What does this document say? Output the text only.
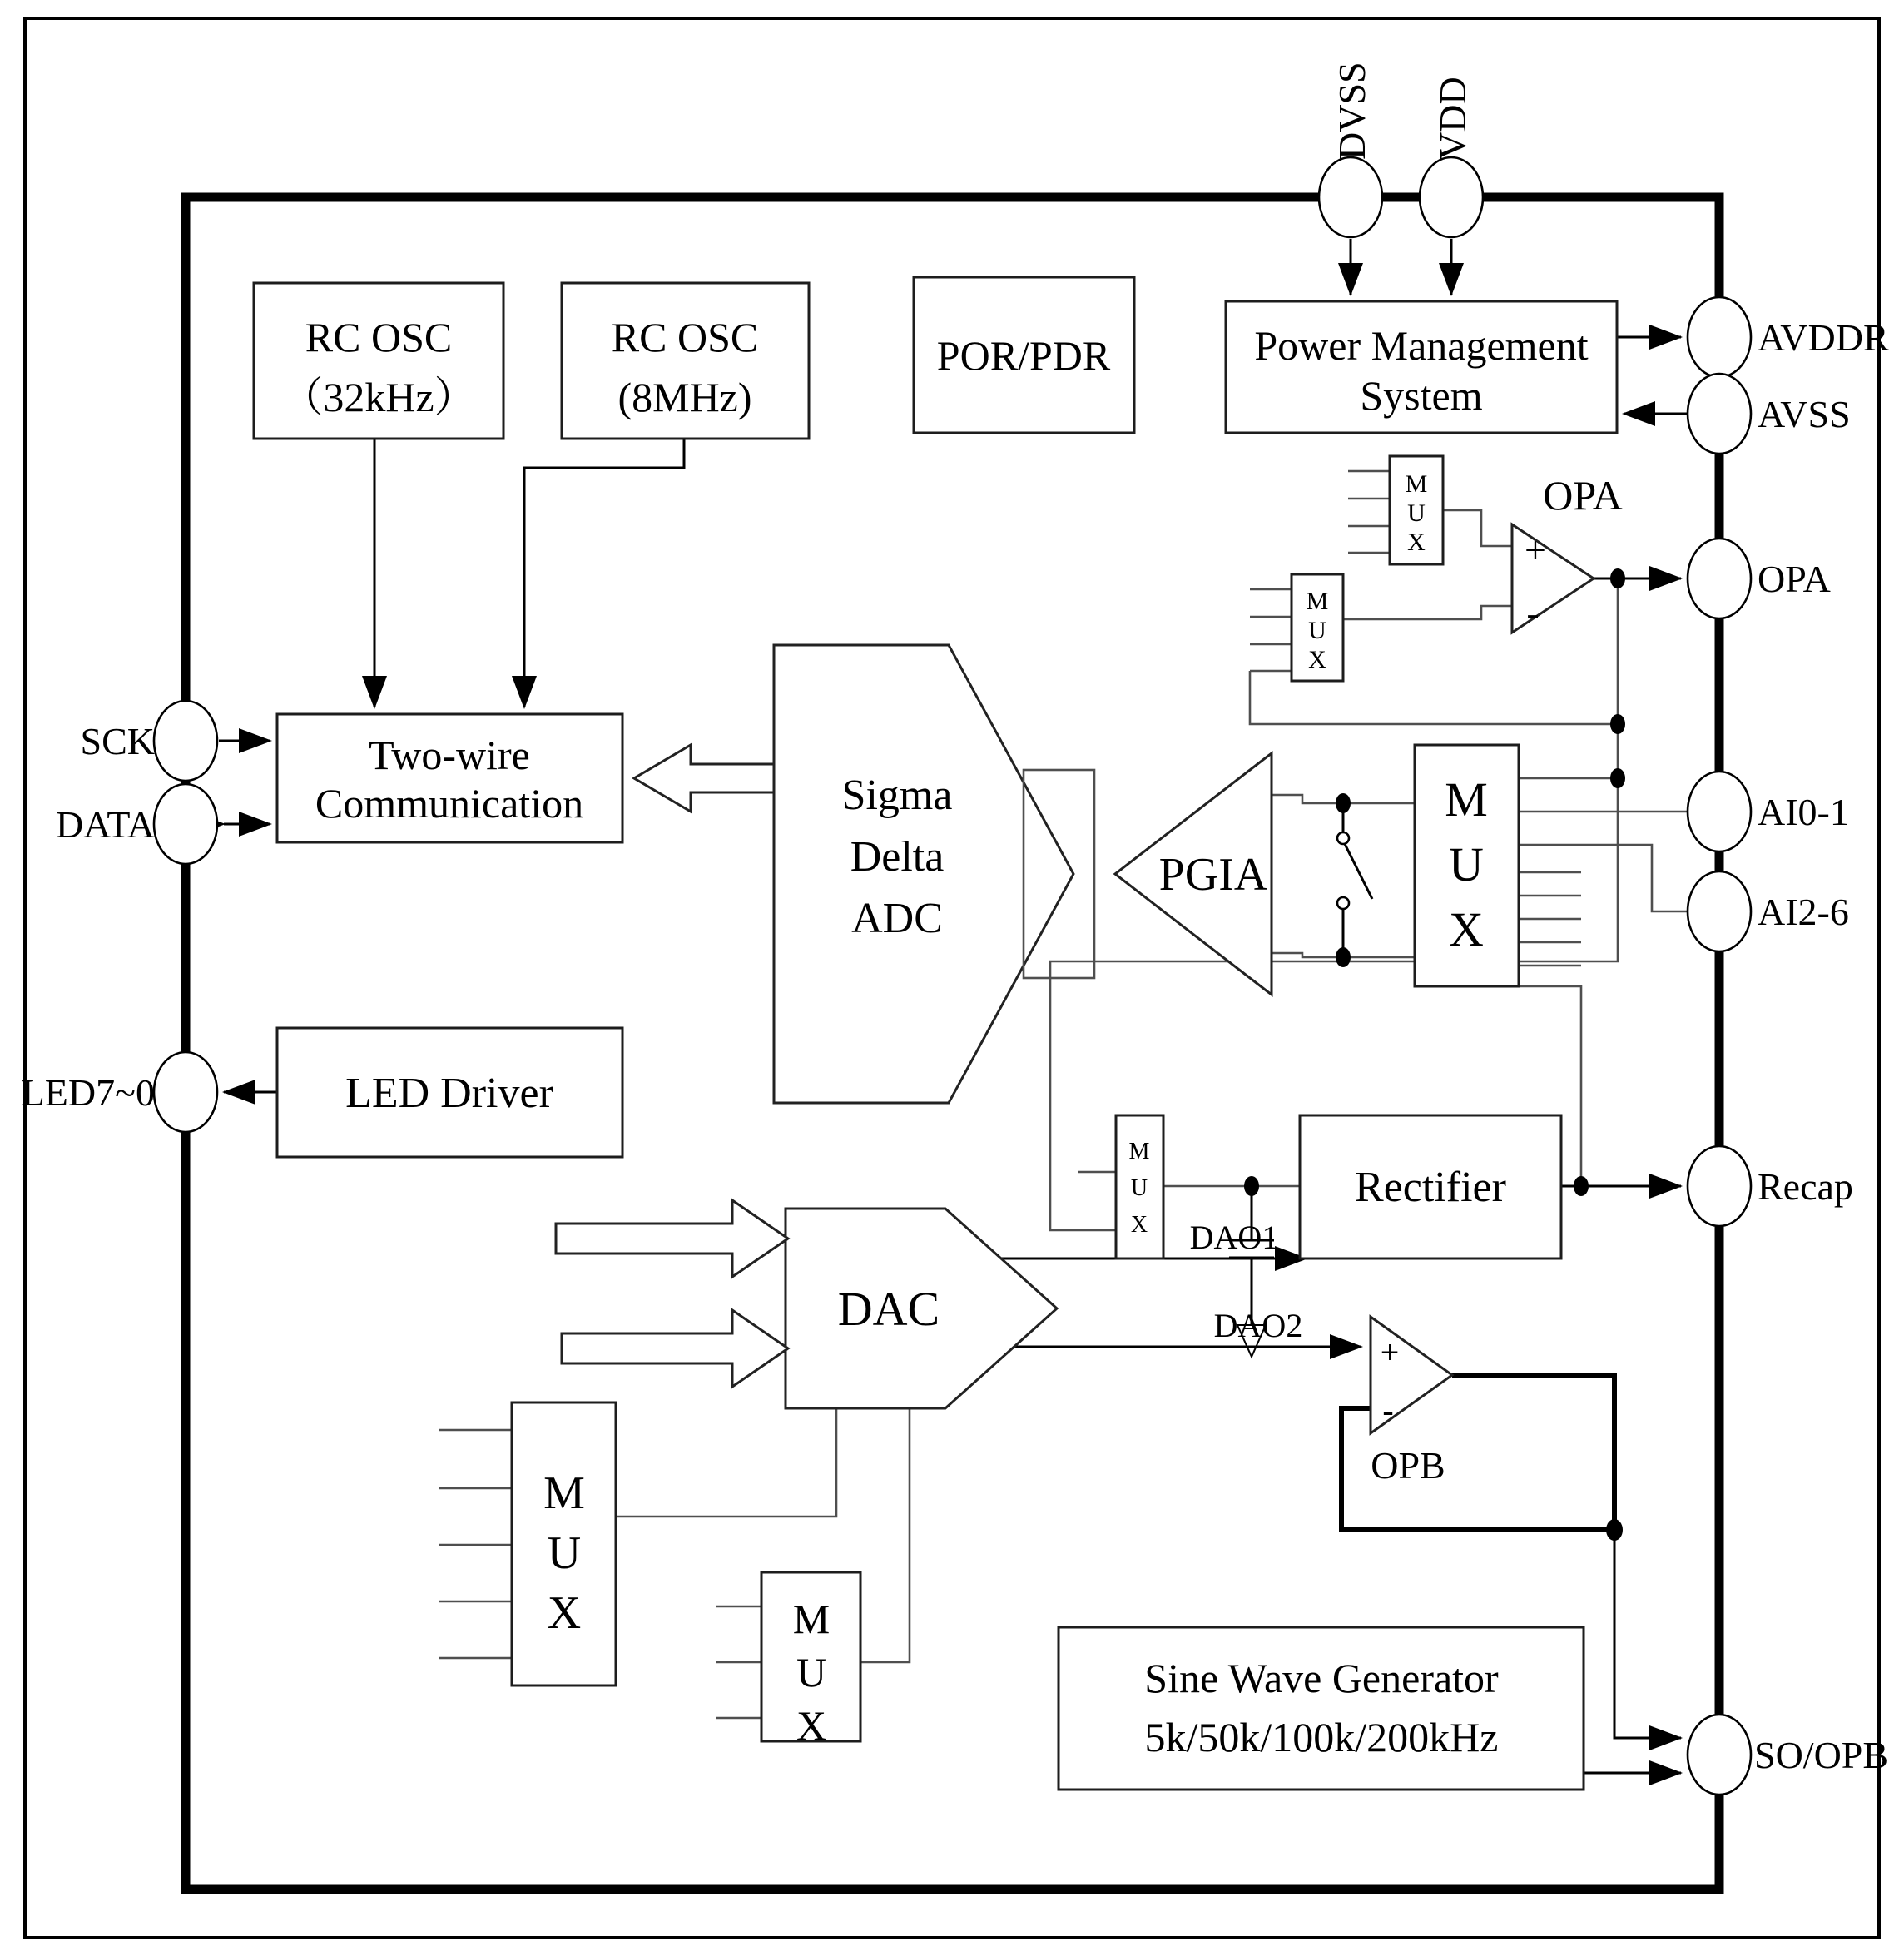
DVSS VDD
AVDDR
AVSS
OPA
AI0-1
AI2-6
Recap
SO/OPB
SCK
DATA
LED7~0
RC OSC
（32kHz）
RC OSC
(8MHz)
POR/PDR	Power Management
System
Two-wire
Communication
LED Driver
Rectifier
Sine Wave Generator
5k/50k/100k/200kHz
Sigma
Delta
ADC
PGIA
DAC
OPA
OPB
+
-
+
-
DAO1
DAO2
M
U
X
M
U
X
M
U
X
M
U
X
M
U
X	M
U
X
